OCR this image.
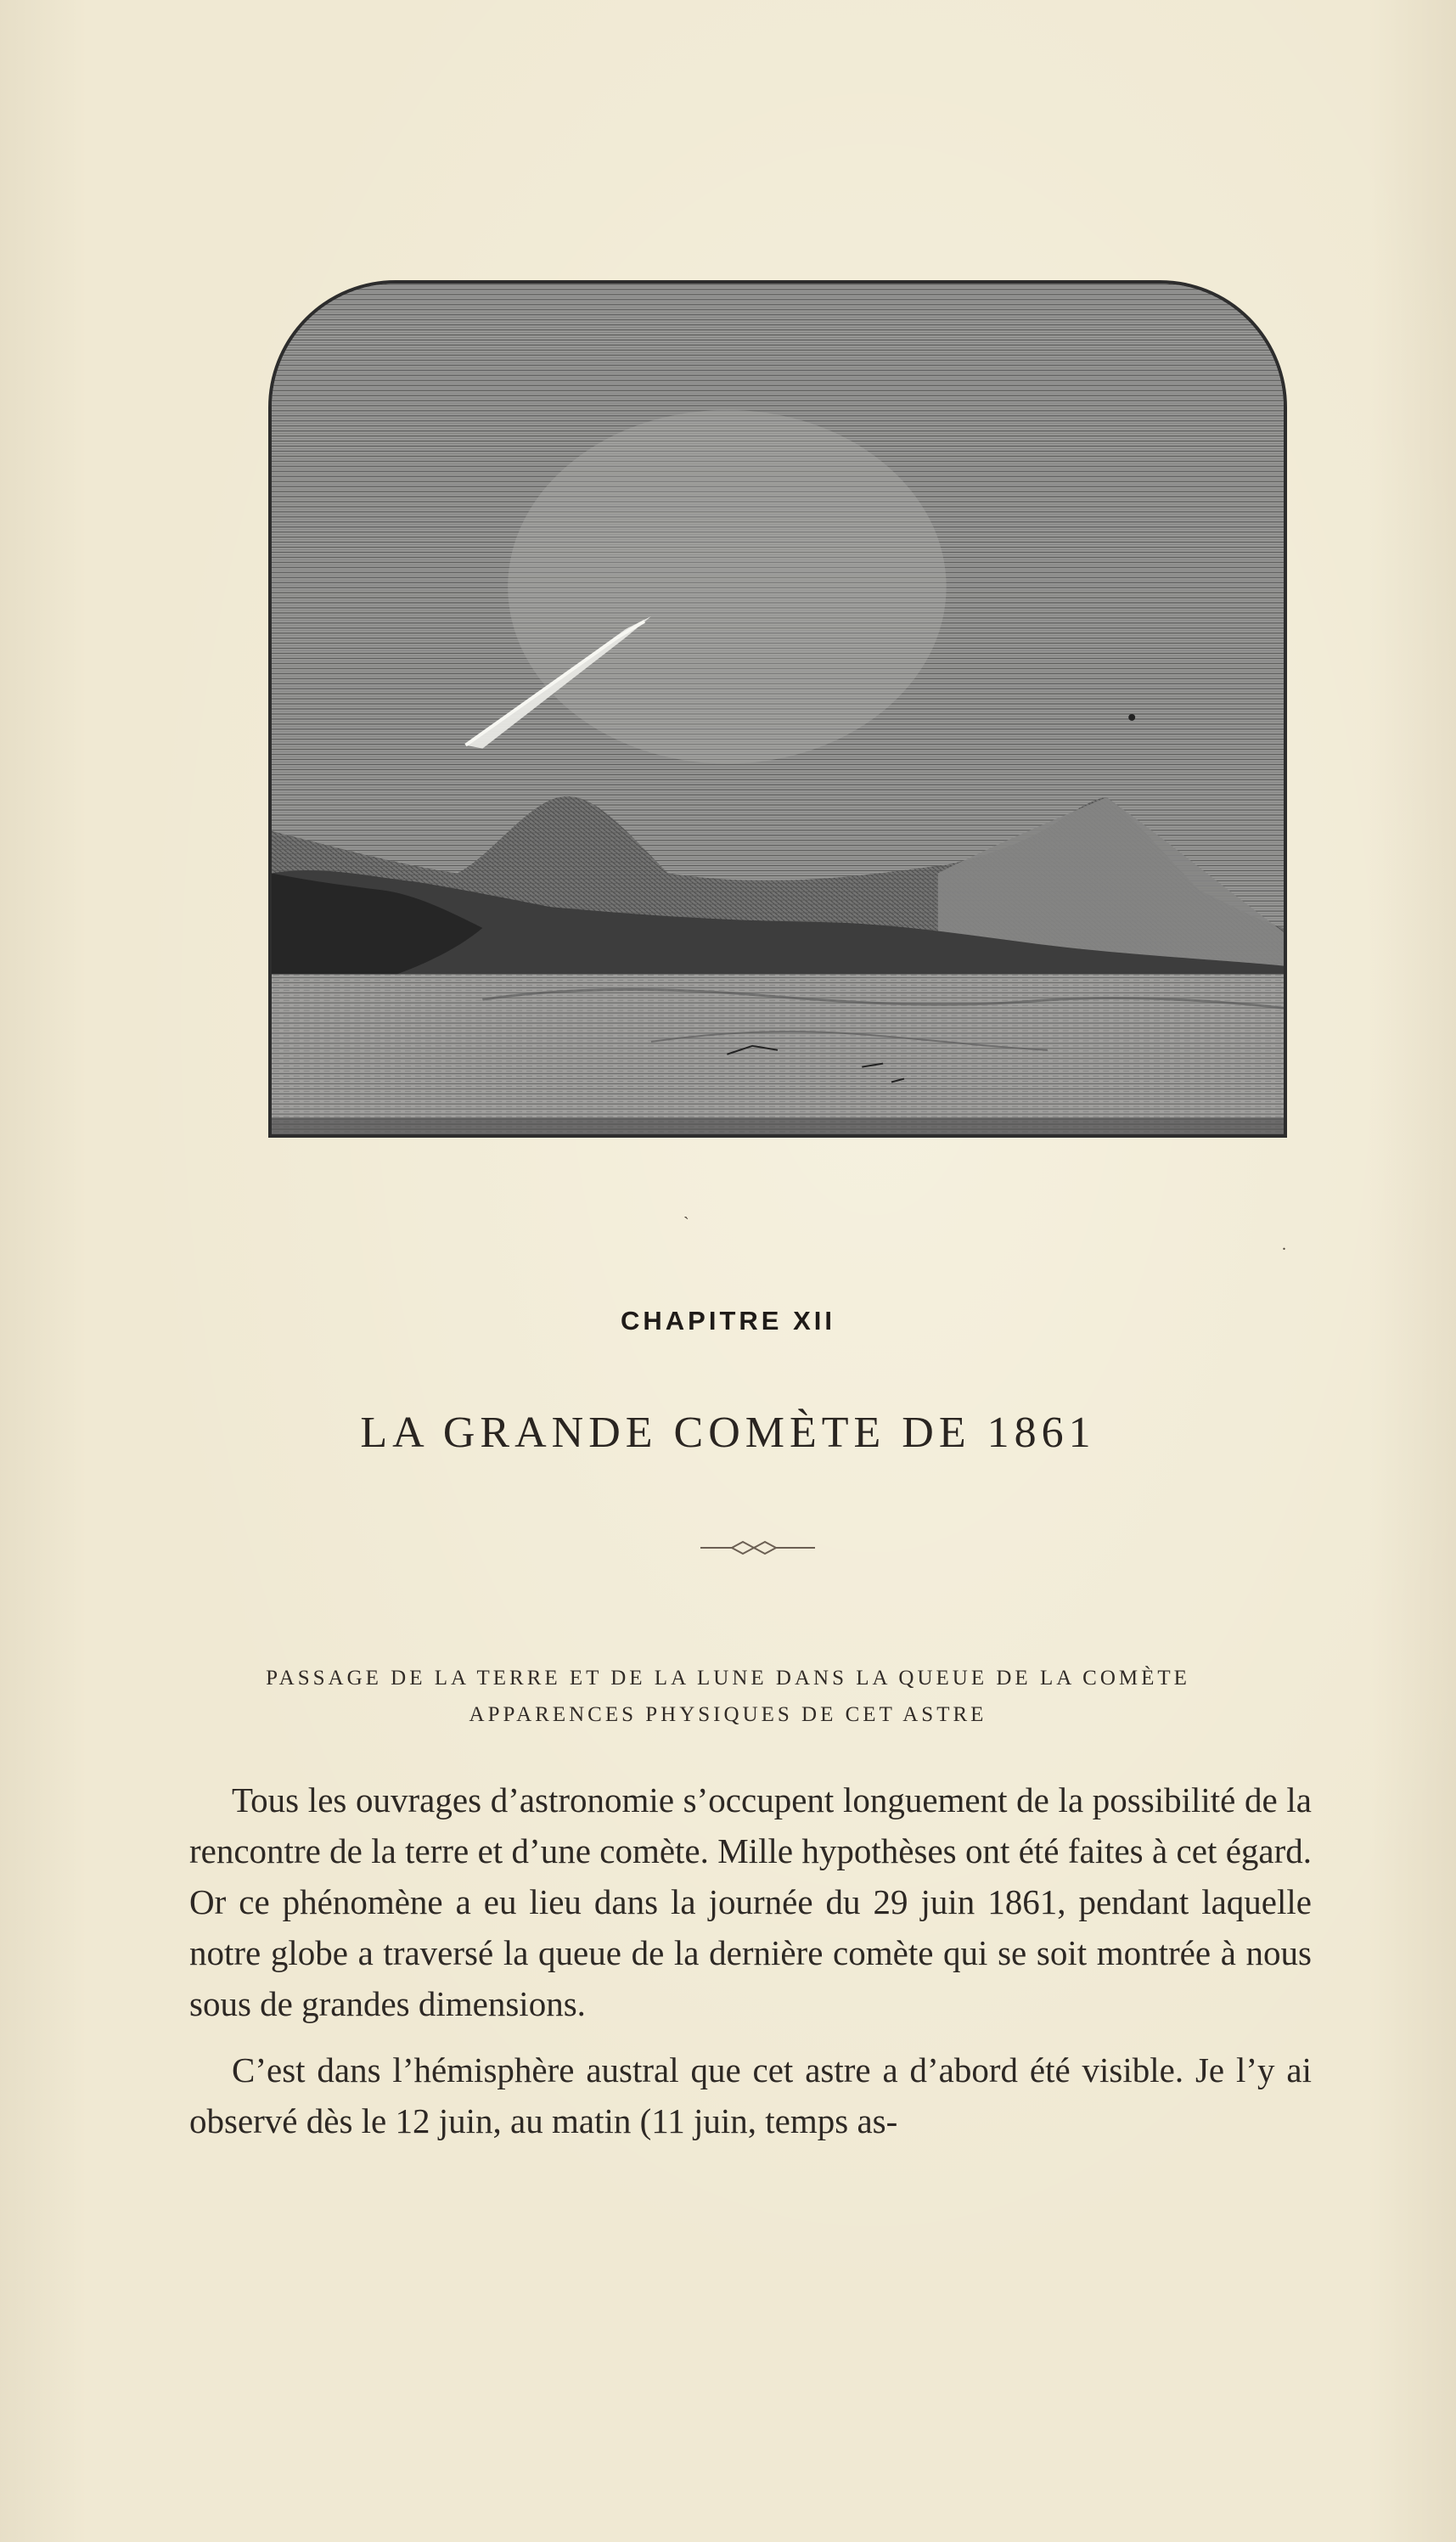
CHAPITRE XII
LA GRANDE COMÈTE DE 1861
PASSAGE DE LA TERRE ET DE LA LUNE DANS LA QUEUE DE LA COMÈTE
APPARENCES PHYSIQUES DE CET ASTRE

Tous les ouvrages d’astronomie s’occupent longuement de la possibilité de la rencontre de la terre et d’une comète. Mille hypothèses ont été faites à cet égard. Or ce phénomène a eu lieu dans la journée du 29 juin 1861, pendant laquelle notre globe a traversé la queue de la dernière comète qui se soit montrée à nous sous de grandes dimensions.

C’est dans l’hémisphère austral que cet astre a d’abord été visible. Je l’y ai observé dès le 12 juin, au matin (11 juin, temps as-

ˋ
.
